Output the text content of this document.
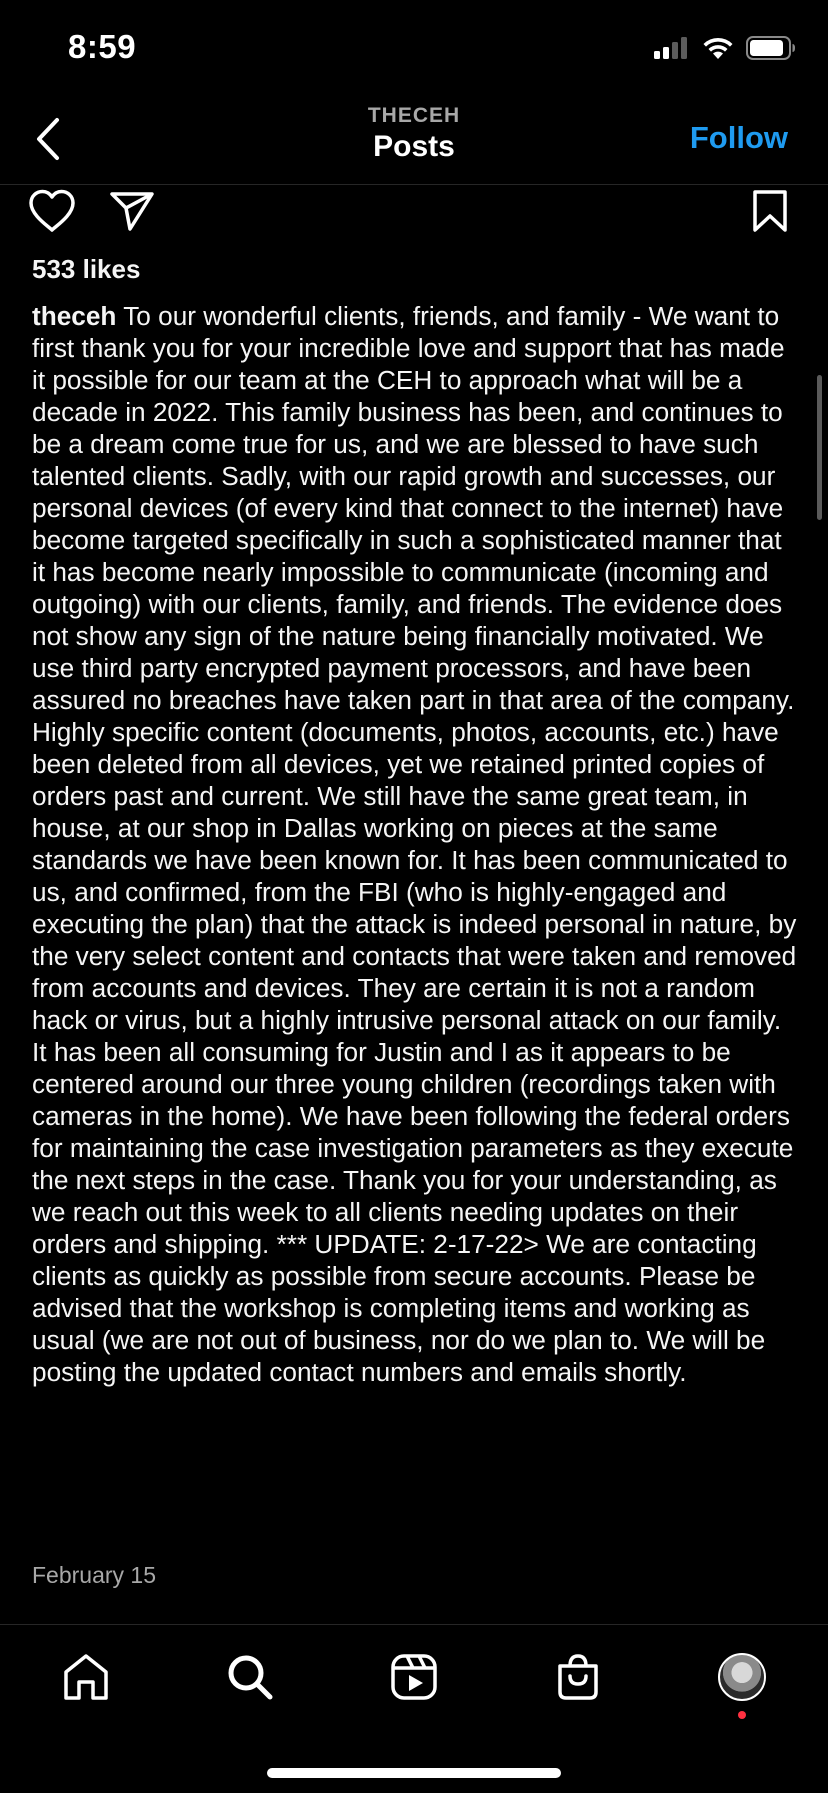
8:59
THECEH
Posts	Follow
533 likes

theceh To our wonderful clients, friends, and family - We want to first thank you for your incredible love and support that has made it possible for our team at the CEH to approach what will be a decade in 2022. This family business has been, and continues to be a dream come true for us, and we are blessed to have such talented clients. Sadly, with our rapid growth and successes, our personal devices (of every kind that connect to the internet) have become targeted specifically in such a sophisticated manner that it has become nearly impossible to communicate (incoming and outgoing) with our clients, family, and friends. The evidence does not show any sign of the nature being financially motivated. We use third party encrypted payment processors, and have been assured no breaches have taken part in that area of the company. Highly specific content (documents, photos, accounts, etc.) have been deleted from all devices, yet we retained printed copies of orders past and current. We still have the same great team, in house, at our shop in Dallas working on pieces at the same standards we have been known for. It has been communicated to us, and confirmed, from the FBI (who is highly-engaged and executing the plan) that the attack is indeed personal in nature, by the very select content and contacts that were taken and removed from accounts and devices. They are certain it is not a random hack or virus, but a highly intrusive personal attack on our family. It has been all consuming for Justin and I as it appears to be centered around our three young children (recordings taken with cameras in the home). We have been following the federal orders for maintaining the case investigation parameters as they execute the next steps in the case. Thank you for your understanding, as we reach out this week to all clients needing updates on their orders and shipping. *** UPDATE: 2-17-22> We are contacting clients as quickly as possible from secure accounts. Please be advised that the workshop is completing items and working as usual (we are not out of business, nor do we plan to. We will be posting the updated contact numbers and emails shortly.

February 15
